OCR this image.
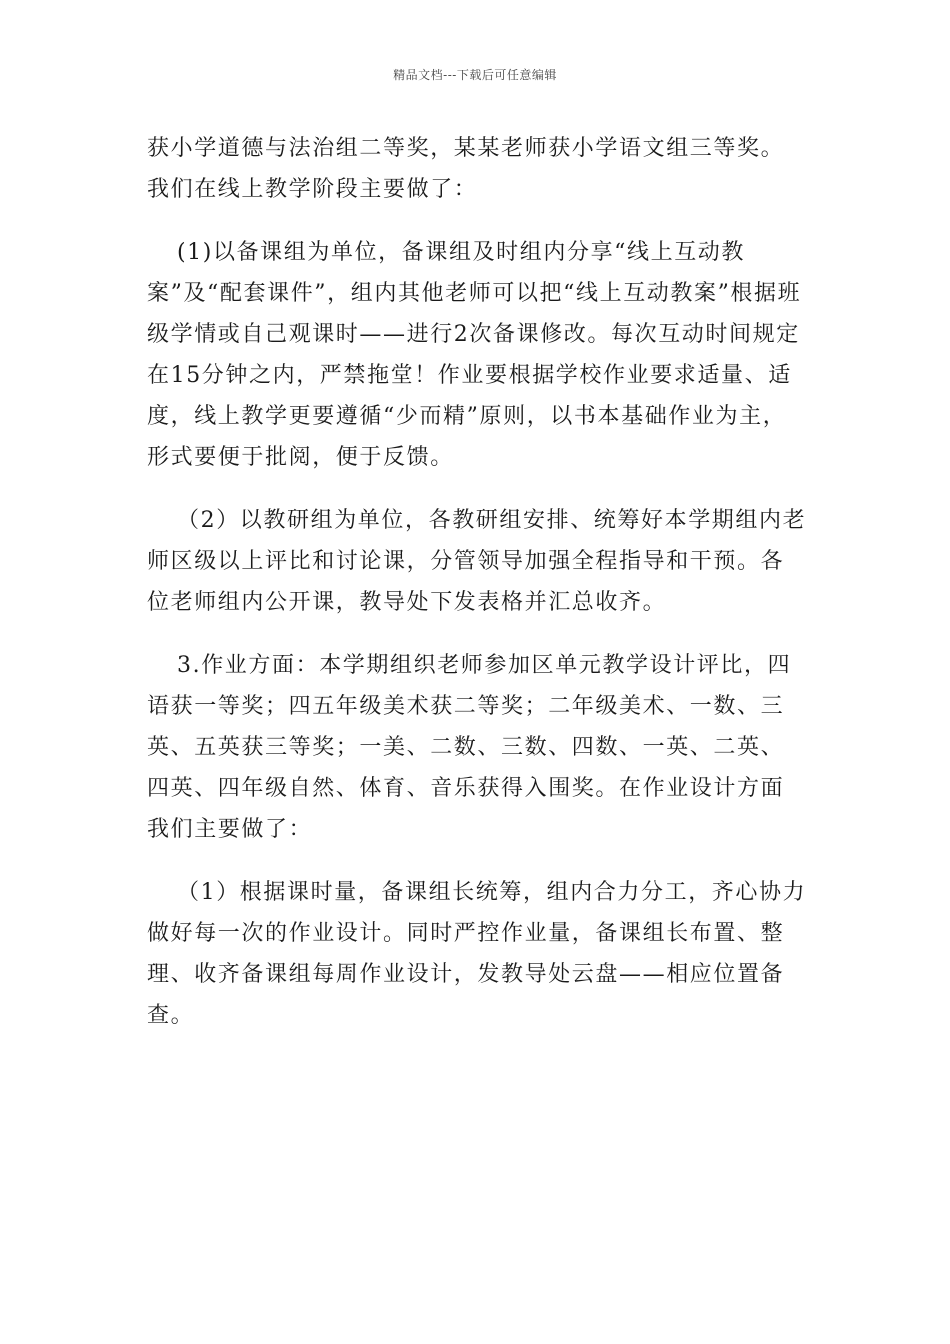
精品文档---下载后可任意编辑

获小学道德与法治组二等奖，某某老师获小学语文组三等奖。我们在线上教学阶段主要做了：

(1)以备课组为单位，备课组及时组内分享“线上互动教案”及“配套课件”，组内其他老师可以把“线上互动教案”根据班级学情或自己观课时——进行2次备课修改。每次互动时间规定在15分钟之内，严禁拖堂！作业要根据学校作业要求适量、适度，线上教学更要遵循“少而精”原则，以书本基础作业为主，形式要便于批阅，便于反馈。

（2）以教研组为单位，各教研组安排、统筹好本学期组内老师区级以上评比和讨论课，分管领导加强全程指导和干预。各位老师组内公开课，教导处下发表格并汇总收齐。

3.作业方面：本学期组织老师参加区单元教学设计评比，四语获一等奖；四五年级美术获二等奖；二年级美术、一数、三英、五英获三等奖；一美、二数、三数、四数、一英、二英、四英、四年级自然、体育、音乐获得入围奖。在作业设计方面我们主要做了：

（1）根据课时量，备课组长统筹，组内合力分工，齐心协力做好每一次的作业设计。同时严控作业量，备课组长布置、整理、收齐备课组每周作业设计，发教导处云盘——相应位置备查。
